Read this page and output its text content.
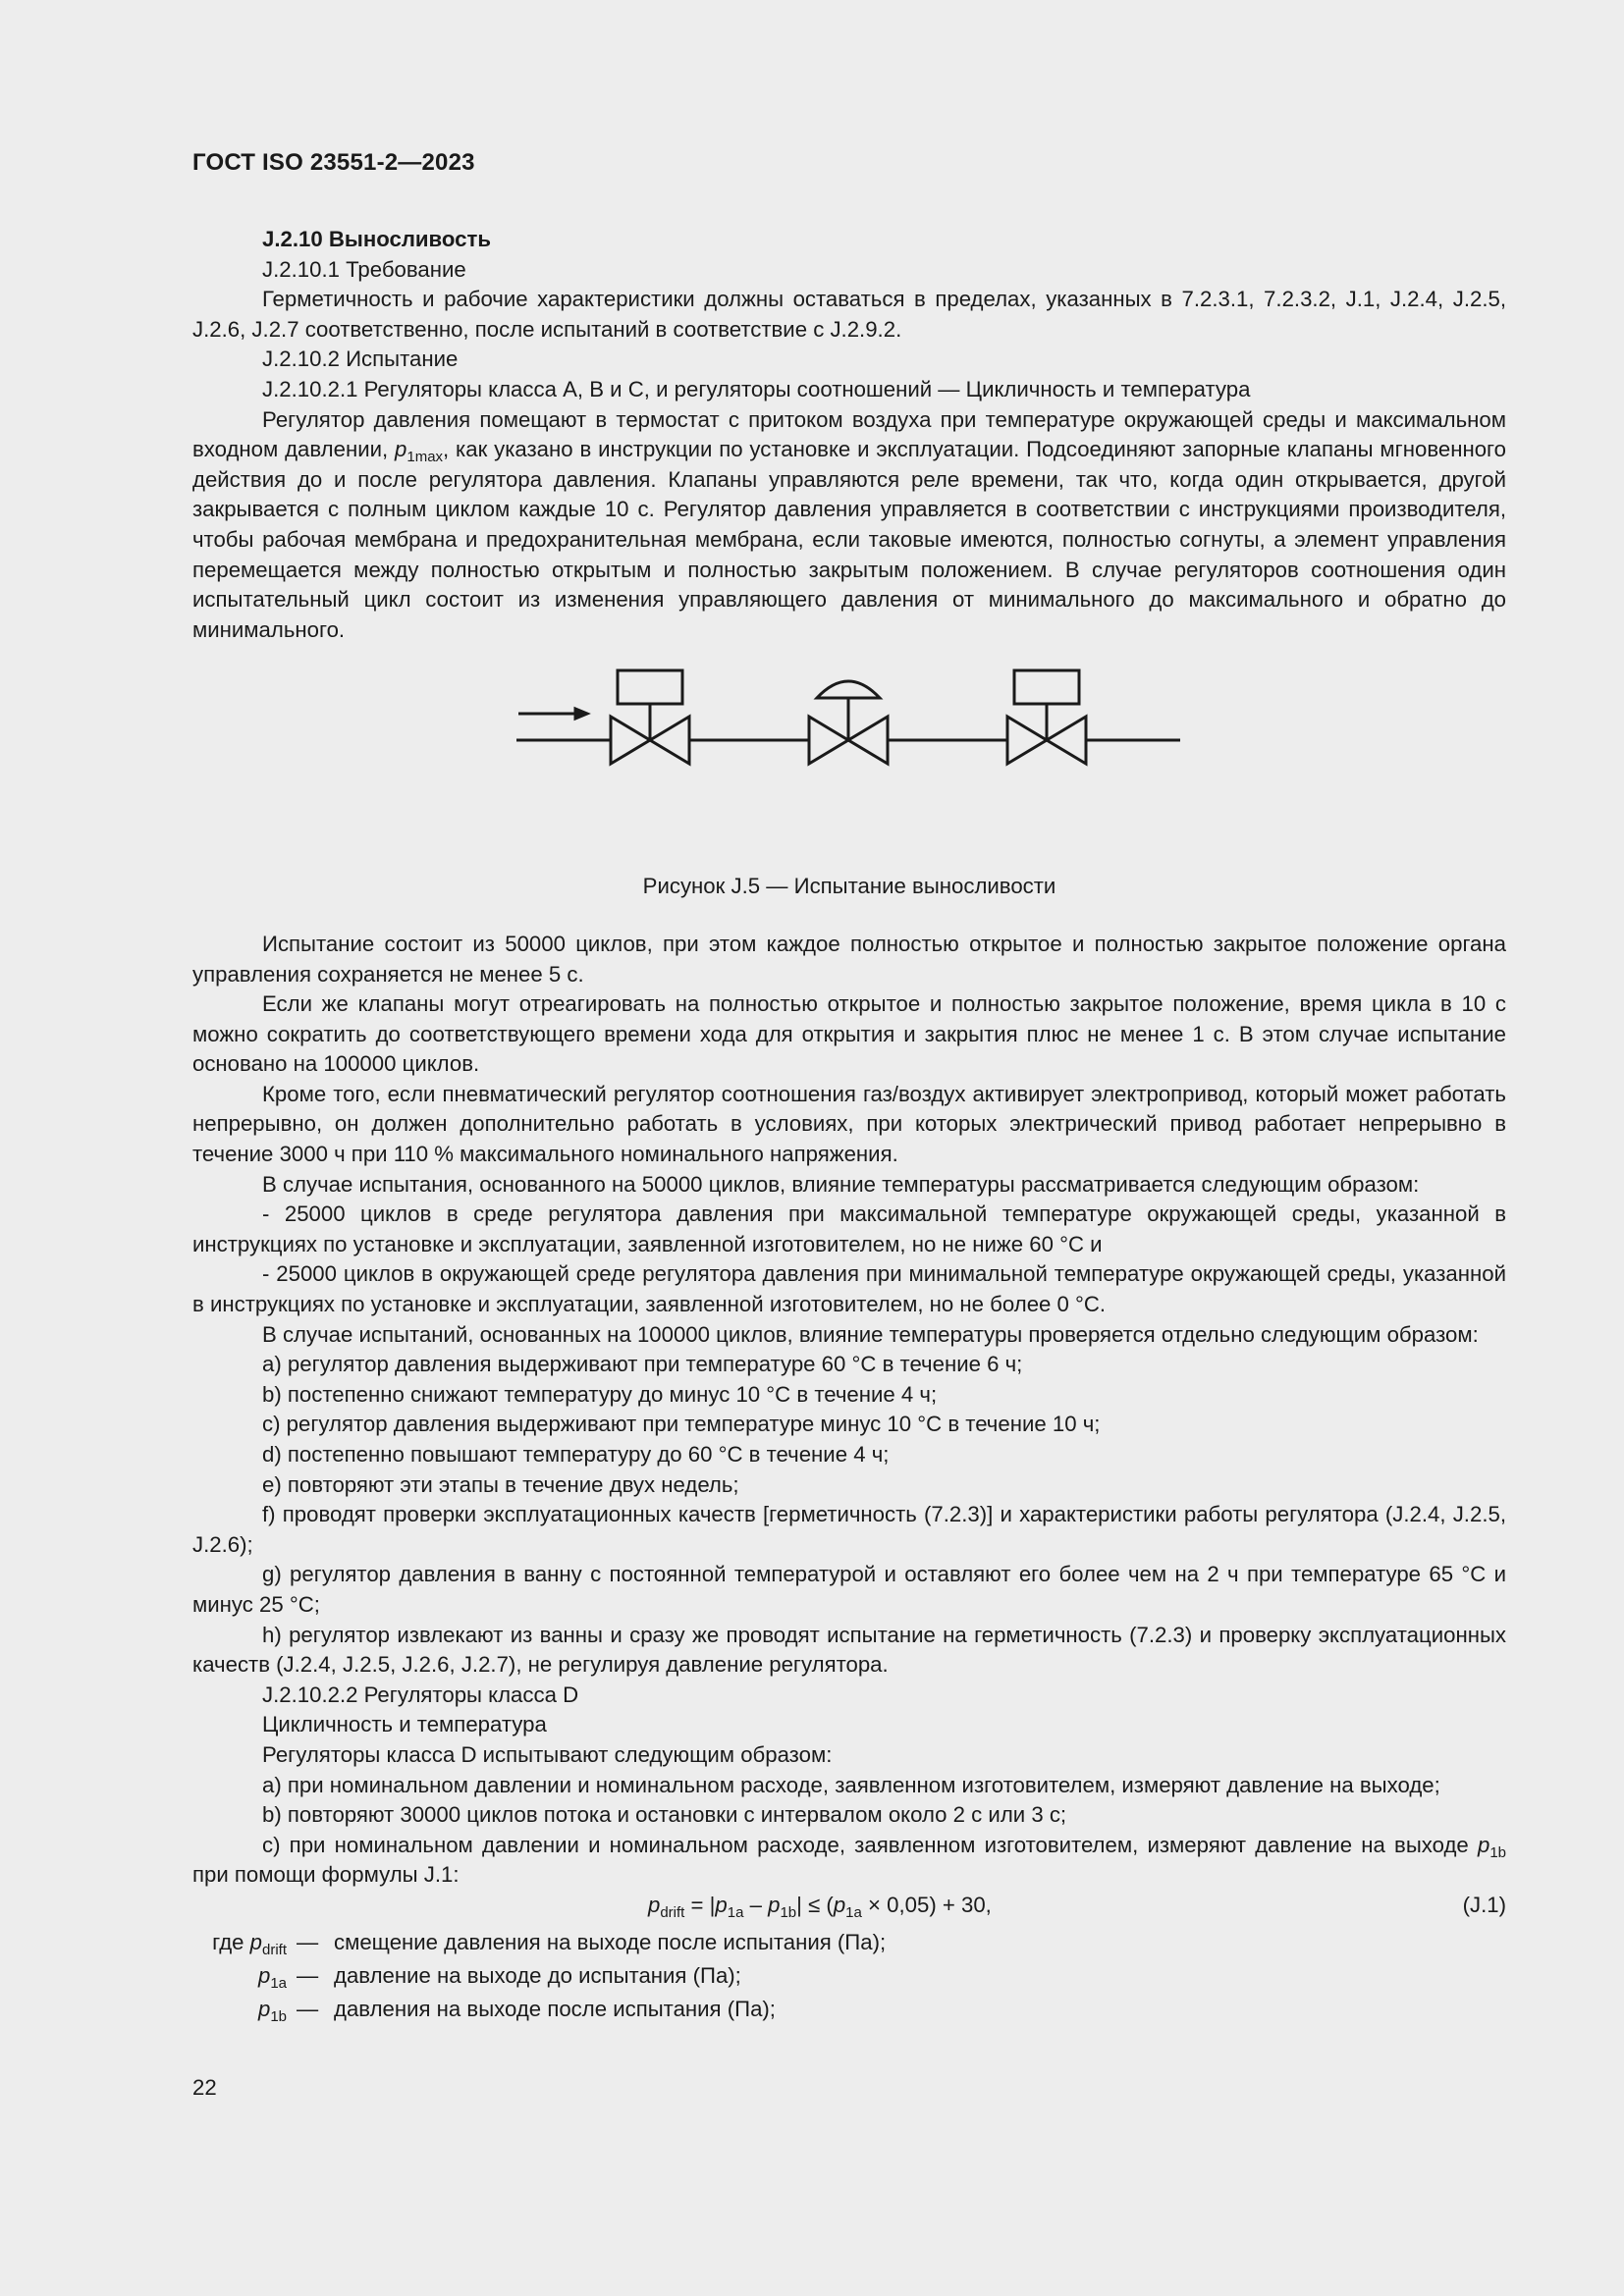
ГОСТ ISO 23551-2—2023

J.2.10 Выносливость

J.2.10.1 Требование

Герметичность и рабочие характеристики должны оставаться в пределах, указанных в 7.2.3.1, 7.2.3.2, J.1, J.2.4, J.2.5, J.2.6, J.2.7 соответственно, после испытаний в соответствие с J.2.9.2.

J.2.10.2 Испытание

J.2.10.2.1 Регуляторы класса A, B и C, и регуляторы соотношений — Цикличность и температура

Регулятор давления помещают в термостат с притоком воздуха при температуре окружающей среды и максимальном входном давлении, $p_{1max}$, как указано в инструкции по установке и эксплуатации. Подсоединяют запорные клапаны мгновенного действия до и после регулятора давления. Клапаны управляются реле времени, так что, когда один открывается, другой закрывается с полным циклом каждые 10 с. Регулятор давления управляется в соответствии с инструкциями производителя, чтобы рабочая мембрана и предохранительная мембрана, если таковые имеются, полностью согнуты, а элемент управления перемещается между полностью открытым и полностью закрытым положением. В случае регуляторов соотношения один испытательный цикл состоит из изменения управляющего давления от минимального до максимального и обратно до минимального.

Рисунок J.5 — Испытание выносливости

Испытание состоит из 50000 циклов, при этом каждое полностью открытое и полностью закрытое положение органа управления сохраняется не менее 5 с.

Если же клапаны могут отреагировать на полностью открытое и полностью закрытое положение, время цикла в 10 с можно сократить до соответствующего времени хода для открытия и закрытия плюс не менее 1 с. В этом случае испытание основано на 100000 циклов.

Кроме того, если пневматический регулятор соотношения газ/воздух активирует электропривод, который может работать непрерывно, он должен дополнительно работать в условиях, при которых электрический привод работает непрерывно в течение 3000 ч при 110 % максимального номинального напряжения.

В случае испытания, основанного на 50000 циклов, влияние температуры рассматривается следующим образом:

- 25000 циклов в среде регулятора давления при максимальной температуре окружающей среды, указанной в инструкциях по установке и эксплуатации, заявленной изготовителем, но не ниже 60 °С и

- 25000 циклов в окружающей среде регулятора давления при минимальной температуре окружающей среды, указанной в инструкциях по установке и эксплуатации, заявленной изготовителем, но не более 0 °С.

В случае испытаний, основанных на 100000 циклов, влияние температуры проверяется отдельно следующим образом:

a) регулятор давления выдерживают при температуре 60 °С в течение 6 ч;

b) постепенно снижают температуру до минус 10 °С в течение 4 ч;

c) регулятор давления выдерживают при температуре минус 10 °С в течение 10 ч;

d) постепенно повышают температуру до 60 °С в течение 4 ч;

e) повторяют эти этапы в течение двух недель;

f) проводят проверки эксплуатационных качеств [герметичность (7.2.3)] и характеристики работы регулятора (J.2.4, J.2.5, J.2.6);

g) регулятор давления в ванну с постоянной температурой и оставляют его более чем на 2 ч при температуре 65 °С и минус 25 °С;

h) регулятор извлекают из ванны и сразу же проводят испытание на герметичность (7.2.3) и проверку эксплуатационных качеств (J.2.4, J.2.5, J.2.6, J.2.7), не регулируя давление регулятора.

J.2.10.2.2 Регуляторы класса D

Цикличность и температура

Регуляторы класса D испытывают следующим образом:

a) при номинальном давлении и номинальном расходе, заявленном изготовителем, измеряют давление на выходе;

b) повторяют 30000 циклов потока и остановки с интервалом около 2 с или 3 с;

c) при номинальном давлении и номинальном расходе, заявленном изготовителем, измеряют давление на выходе $p_{1b}$ при помощи формулы J.1:

$p_{drift} = |p_{1a} - p_{1b}| \le (p_{1a} \times 0,05) + 30$,	(J.1)
где $p_{drift}$ — смещение давления на выходе после испытания (Па);
$p_{1a}$ — давление на выходе до испытания (Па);
$p_{1b}$ — давления на выходе после испытания (Па);
22
